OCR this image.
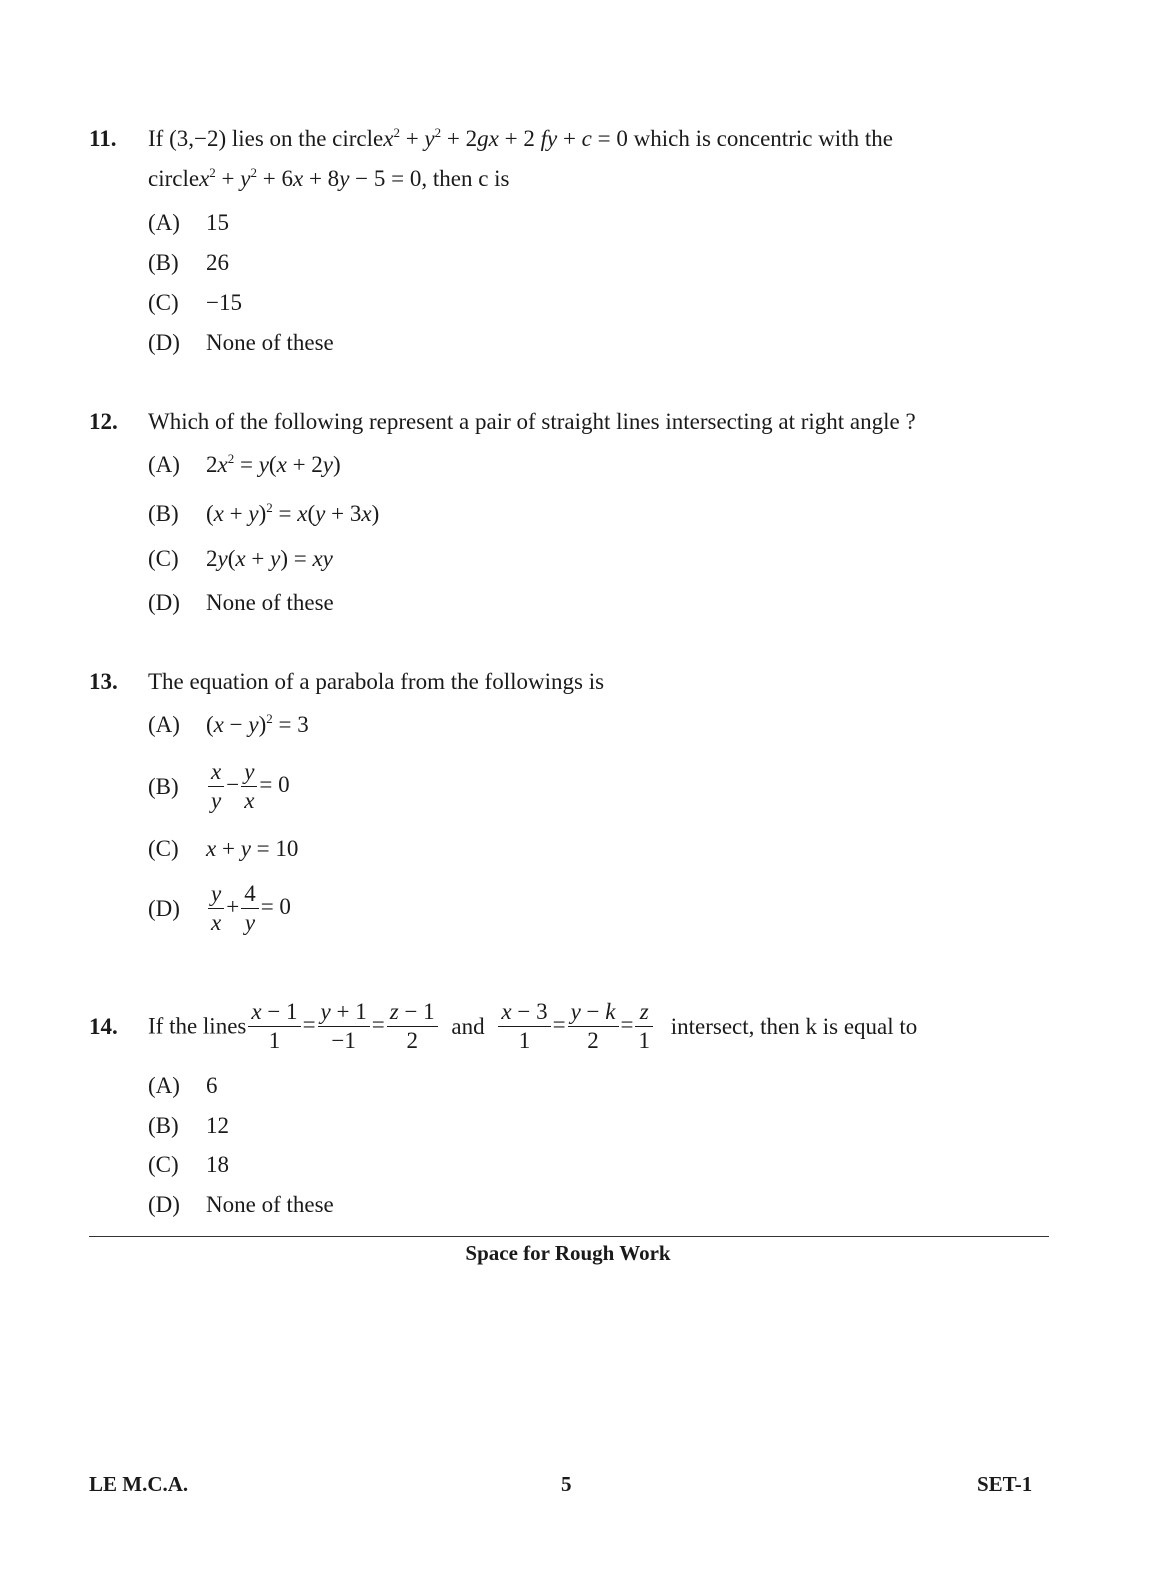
11. If (3,−2) lies on the circlex$^2$ + $y^2 + 2gx + 2$ fy + c = 0 which is concentric with the
circlex$^2$ + $y^2 + 6x + 8y - 5 = 0$, then c is
(A) 15
(B) 26
(C) −15
(D) None of these
12. Which of the following represent a pair of straight lines intersecting at right angle ?
(A) $2x^2 = y(x + 2y)$
(B) $(x + y)^2 = x(y + 3x)$
(C) 2y(x + y) = xy
(D) None of these
13. The equation of a parabola from the followings is
(A) $(x - y)^2 = 3$
$(B) \frac{x}{y} - \frac{y}{x} = 0$
(C) x + y = 10
$(D) \frac{y}{x} + \frac{4}{y} = 0$
14. If the lines $\frac{x - 1}{1} = \frac{y + 1}{-1} = \frac{z - 1}{2}$ and $\frac{x - 3}{1} = \frac{y - k}{2} = \frac{z}{1}$ intersect, then k is equal to
(A) 6
(B) 12
(C) 18
(D) None of these
Space for Rough Work
LE M.C.A.	5	SET-1
